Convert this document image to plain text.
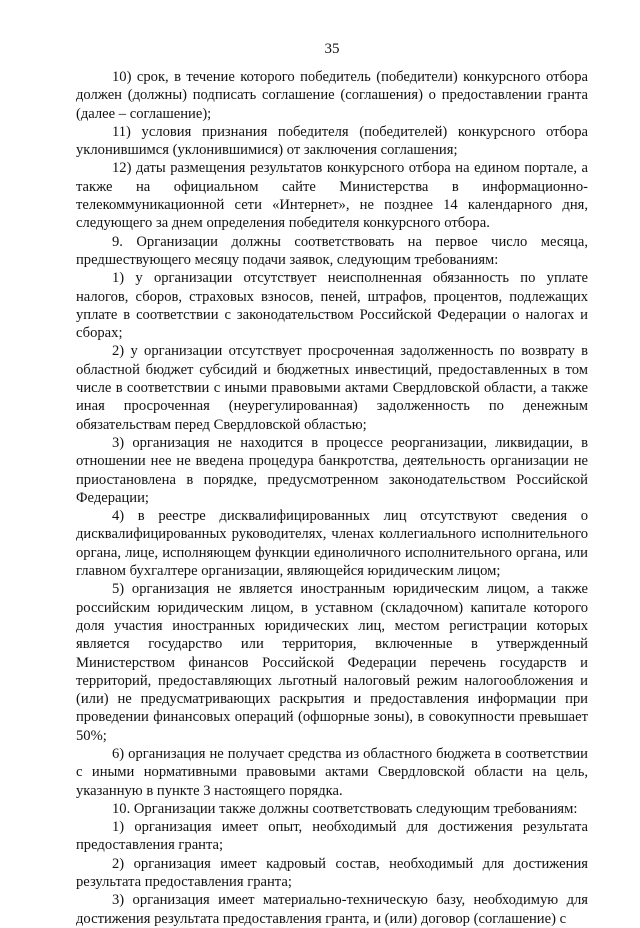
35

10) срок, в течение которого победитель (победители) конкурсного отбора должен (должны) подписать соглашение (соглашения) о предоставлении гранта (далее – соглашение);

11) условия признания победителя (победителей) конкурсного отбора уклонившимся (уклонившимися) от заключения соглашения;

12) даты размещения результатов конкурсного отбора на едином портале, а также на официальном сайте Министерства в информационно-телекоммуникационной сети «Интернет», не позднее 14 календарного дня, следующего за днем определения победителя конкурсного отбора.

9. Организации должны соответствовать на первое число месяца, предшествующего месяцу подачи заявок, следующим требованиям:

1) у организации отсутствует неисполненная обязанность по уплате налогов, сборов, страховых взносов, пеней, штрафов, процентов, подлежащих уплате в соответствии с законодательством Российской Федерации о налогах и сборах;

2) у организации отсутствует просроченная задолженность по возврату в областной бюджет субсидий и бюджетных инвестиций, предоставленных в том числе в соответствии с иными правовыми актами Свердловской области, а также иная просроченная (неурегулированная) задолженность по денежным обязательствам перед Свердловской областью;

3) организация не находится в процессе реорганизации, ликвидации, в отношении нее не введена процедура банкротства, деятельность организации не приостановлена в порядке, предусмотренном законодательством Российской Федерации;

4) в реестре дисквалифицированных лиц отсутствуют сведения о дисквалифицированных руководителях, членах коллегиального исполнительного органа, лице, исполняющем функции единоличного исполнительного органа, или главном бухгалтере организации, являющейся юридическим лицом;

5) организация не является иностранным юридическим лицом, а также российским юридическим лицом, в уставном (складочном) капитале которого доля участия иностранных юридических лиц, местом регистрации которых является государство или территория, включенные в утвержденный Министерством финансов Российской Федерации перечень государств и территорий, предоставляющих льготный налоговый режим налогообложения и (или) не предусматривающих раскрытия и предоставления информации при проведении финансовых операций (офшорные зоны), в совокупности превышает 50%;

6) организация не получает средства из областного бюджета в соответствии с иными нормативными правовыми актами Свердловской области на цель, указанную в пункте 3 настоящего порядка.

10. Организации также должны соответствовать следующим требованиям:

1) организация имеет опыт, необходимый для достижения результата предоставления гранта;

2) организация имеет кадровый состав, необходимый для достижения результата предоставления гранта;

3) организация имеет материально-техническую базу, необходимую для достижения результата предоставления гранта, и (или) договор (соглашение) с
